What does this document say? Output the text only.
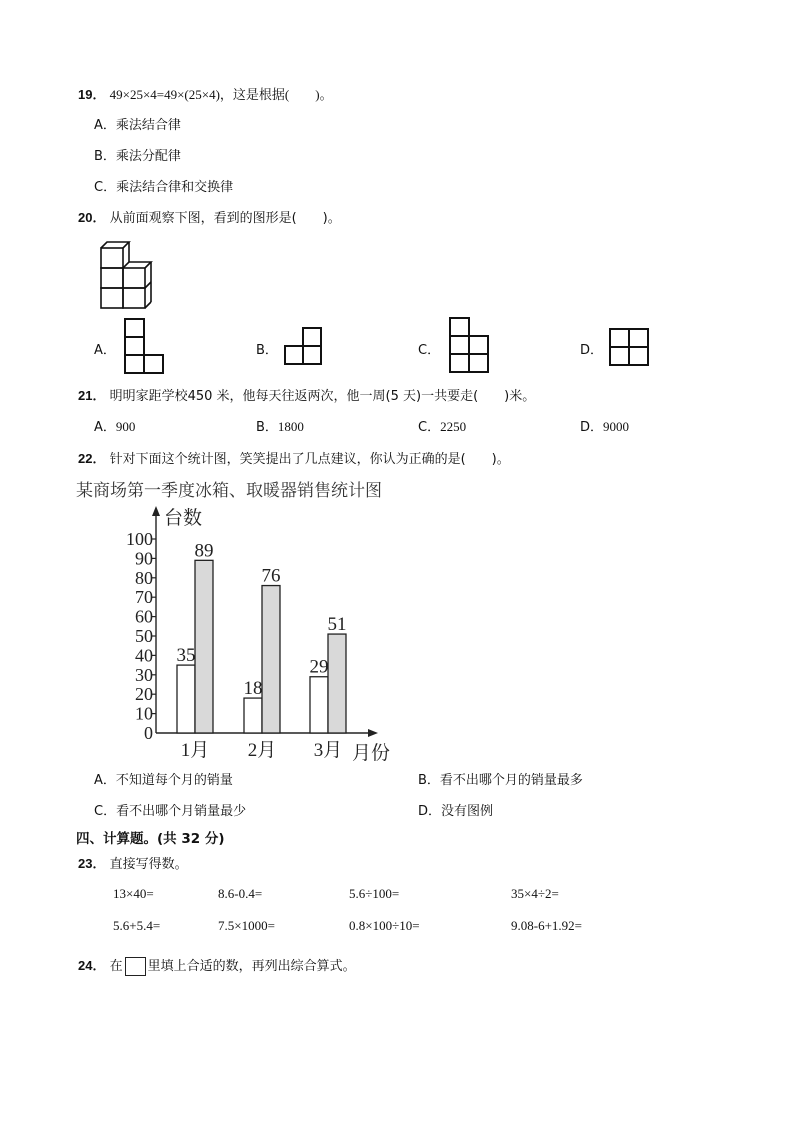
19． 49×25×4=49×(25×4)，这是根据(　　)。
A．乘法结合律
B．乘法分配律
C．乘法结合律和交换律
20． 从前面观察下图，看到的图形是(　　)。
A．	B．	C．	D．
21． 明明家距学校450 米，他每天往返两次，他一周(5 天)一共要走(　　)米。
A．900	B．1800	C．2250	D．9000
22． 针对下面这个统计图，笑笑提出了几点建议，你认为正确的是(　　)。
某商场第一季度冰箱、取暖器销售统计图
0
10
20
30
40
50
60
70
80
90
100
台数
月份
35
89
1月
18
76
2月
29
51
3月
A．不知道每个月的销量	B．看不出哪个月的销量最多
C．看不出哪个月销量最少	D．没有图例
四、计算题。(共 32 分)
23． 直接写得数。
13×40=	8.6-0.4=	5.6÷100=	35×4÷2=
5.6+5.4=	7.5×1000=	0.8×100÷10=	9.08-6+1.92=
24． 在 里填上合适的数，再列出综合算式。
